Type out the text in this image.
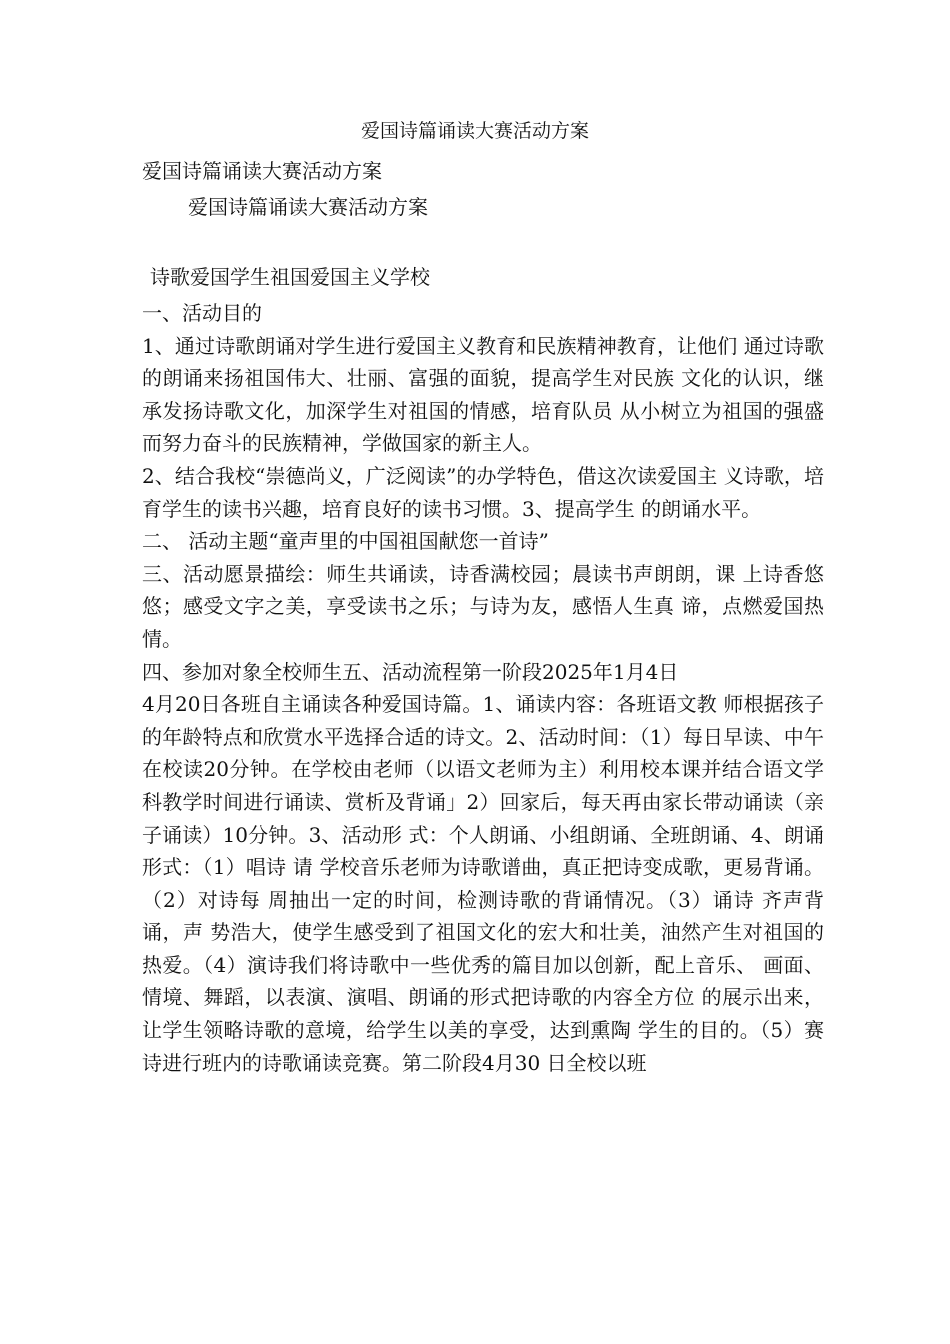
爱国诗篇诵读大赛活动方案
爱国诗篇诵读大赛活动方案
爱国诗篇诵读大赛活动方案
诗歌爱国学生祖国爱国主义学校

一、活动目的

1、通过诗歌朗诵对学生进行爱国主义教育和民族精神教育，让他们 通过诗歌的朗诵来扬祖国伟大、壮丽、富强的面貌，提高学生对民族 文化的认识，继承发扬诗歌文化，加深学生对祖国的情感，培育队员 从小树立为祖国的强盛而努力奋斗的民族精神，学做国家的新主人。

2、结合我校“崇德尚义，广泛阅读”的办学特色，借这次读爱国主 义诗歌，培育学生的读书兴趣，培育良好的读书习惯。3、提高学生 的朗诵水平。

二、 活动主题“童声里的中国祖国献您一首诗”

三、活动愿景描绘：师生共诵读，诗香满校园；晨读书声朗朗，课 上诗香悠悠；感受文字之美，享受读书之乐；与诗为友，感悟人生真 谛，点燃爱国热情。

四、参加对象全校师生五、活动流程第一阶段2025年1月4日

4月20日各班自主诵读各种爱国诗篇。1、诵读内容：各班语文教 师根据孩子的年龄特点和欣赏水平选择合适的诗文。2、活动时间：（1）每日早读、中午在校读20分钟。在学校由老师（以语文老师为主）利用校本课并结合语文学科教学时间进行诵读、赏析及背诵」2）回家后，每天再由家长带动诵读（亲子诵读）10分钟。3、活动形 式：个人朗诵、小组朗诵、全班朗诵、4、朗诵形式：（1）唱诗 请 学校音乐老师为诗歌谱曲，真正把诗变成歌，更易背诵。（2）对诗每 周抽出一定的时间，检测诗歌的背诵情况。（3）诵诗 齐声背诵，声 势浩大，使学生感受到了祖国文化的宏大和壮美，油然产生对祖国的 热爱。（4）演诗我们将诗歌中一些优秀的篇目加以创新，配上音乐、 画面、情境、舞蹈，以表演、演唱、朗诵的形式把诗歌的内容全方位 的展示出来，让学生领略诗歌的意境，给学生以美的享受，达到熏陶 学生的目的。（5）赛诗进行班内的诗歌诵读竞赛。第二阶段4月30 日全校以班
